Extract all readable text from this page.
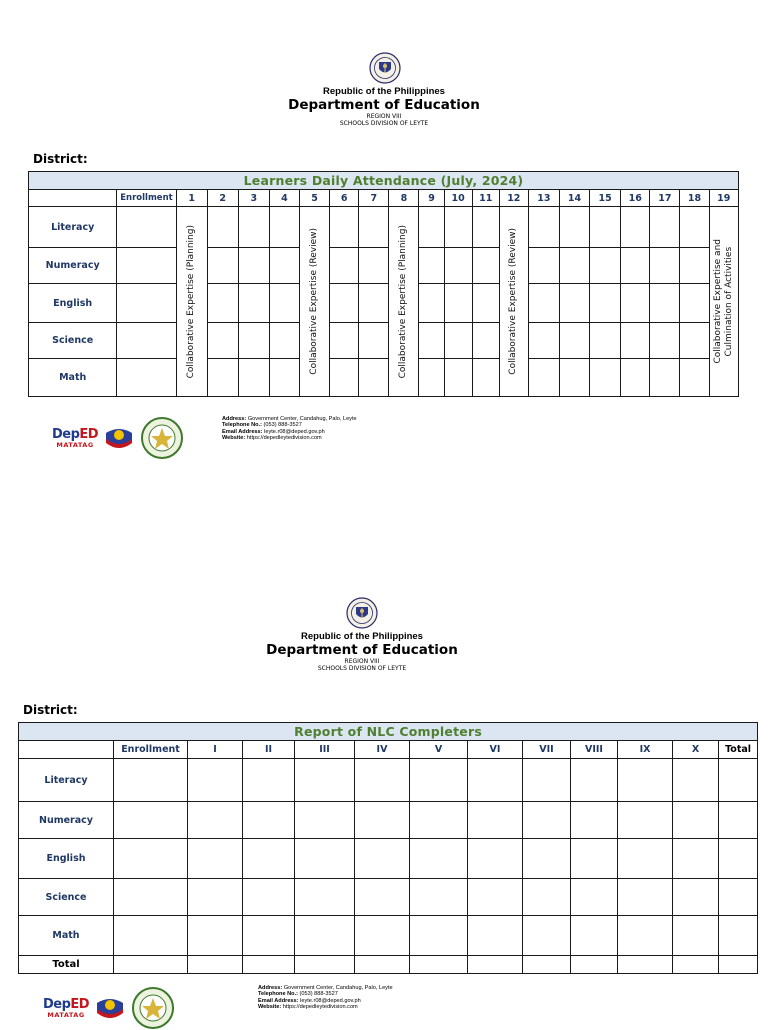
Republic of the Philippines
Department of Education
REGION VIII
SCHOOLS DIVISION OF LEYTE
District:
Learners Daily Attendance (July, 2024)																				
	Enrollment	1	2	3	4	5	6	7	8	9	10	11	12	13	14	15	16	17	18	19
Literacy		Collaborative Expertise (Planning)				Collaborative Expertise (Review)			Collaborative Expertise (Planning)				Collaborative Expertise (Review)							Collaborative Expertise and Culmination of Activities

Numeracy																				
English																				
Science																				
Math																				
DepED
MATATAG
Address: Government Center, Candahug, Palo, Leyte
Telephone No.: (053) 888-3527
Email Address: leyte.r08@deped.gov.ph
Website: https://depedleytedivision.com
Republic of the Philippines
Department of Education
REGION VIII
SCHOOLS DIVISION OF LEYTE
District:
Report of NLC Completers												
	Enrollment	I	II	III	IV	V	VI	VII	VIII	IX	X	Total
Literacy												
Numeracy												
English												
Science												
Math												
Total												
DepED
MATATAG
Address: Government Center, Candahug, Palo, Leyte
Telephone No.: (053) 888-3527
Email Address: leyte.r08@deped.gov.ph
Website: https://depedleytedivision.com
